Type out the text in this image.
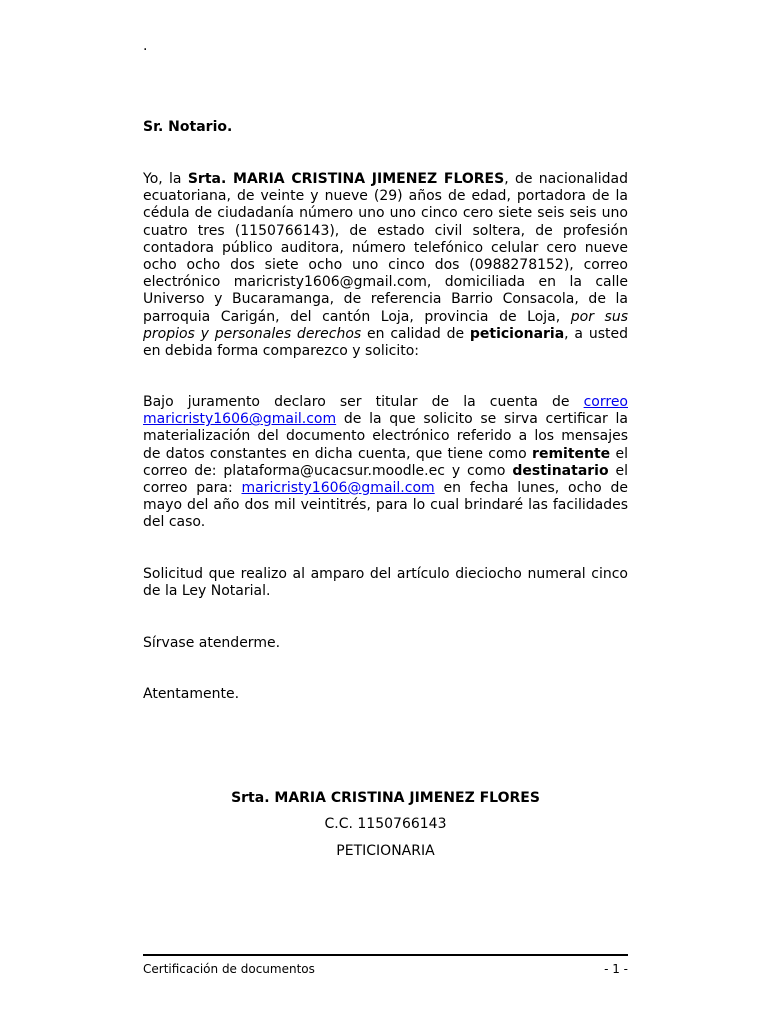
.
Sr. Notario.

Yo, la Srta. MARIA CRISTINA JIMENEZ FLORES, de nacionalidad ecuatoriana, de veinte y nueve (29) años de edad, portadora de la cédula de ciudadanía número uno uno cinco cero siete seis seis uno cuatro tres (1150766143), de estado civil soltera, de profesión contadora público auditora, número telefónico celular cero nueve ocho ocho dos siete ocho uno cinco dos (0988278152), correo electrónico maricristy1606@gmail.com, domiciliada en la calle Universo y Bucaramanga, de referencia Barrio Consacola, de la parroquia Carigán, del cantón Loja, provincia de Loja, por sus propios y personales derechos en calidad de peticionaria, a usted en debida forma comparezco y solicito:

Bajo juramento declaro ser titular de la cuenta de correo maricristy1606@gmail.com de la que solicito se sirva certificar la materialización del documento electrónico referido a los mensajes de datos constantes en dicha cuenta, que tiene como remitente el correo de: plataforma@ucacsur.moodle.ec y como destinatario el correo para: maricristy1606@gmail.com en fecha lunes, ocho de mayo del año dos mil veintitrés, para lo cual brindaré las facilidades del caso.

Solicitud que realizo al amparo del artículo dieciocho numeral cinco de la Ley Notarial.

Sírvase atenderme.

Atentamente.

Srta. MARIA CRISTINA JIMENEZ FLORES
C.C. 1150766143
PETICIONARIA
Certificación de documentos	- 1 -
